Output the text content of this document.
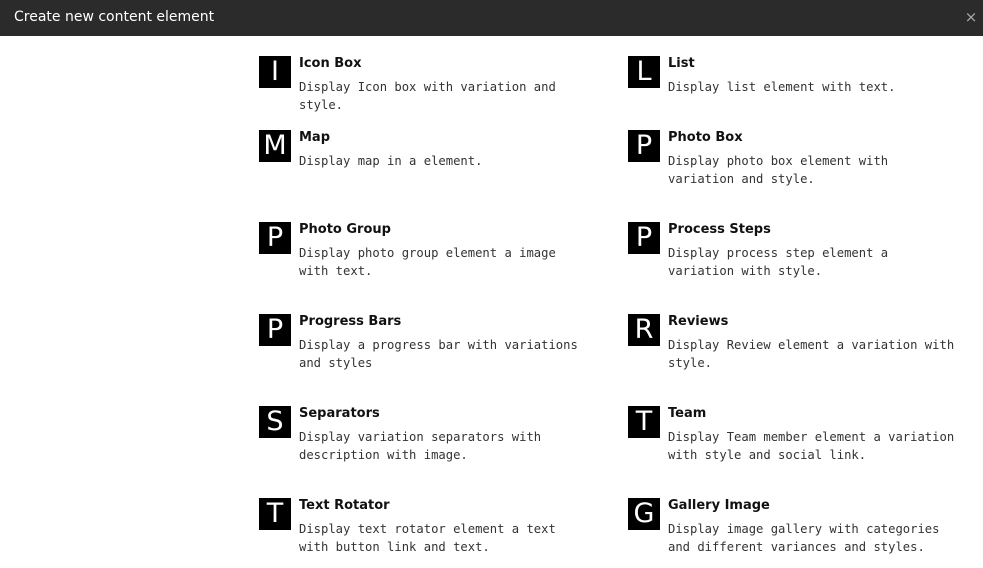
Create new content element	×
I	Icon Box
Display Icon box with variation and style.
L	List
Display list element with text.
M Map
Display map in a element.	P	Photo Box
Display photo box element with variation and style.
P	Photo Group
Display photo group element a image with text.
P	Process Steps
Display process step element a variation with style.
P	Progress Bars
Display a progress bar with variations and styles
R	Reviews
Display Review element a variation with style.
S	Separators
Display variation separators with description with image.
T	Team
Display Team member element a variation with style and social link.
T	Text Rotator
Display text rotator element a text with button link and text.
G	Gallery Image
Display image gallery with categories and different variances and styles.
